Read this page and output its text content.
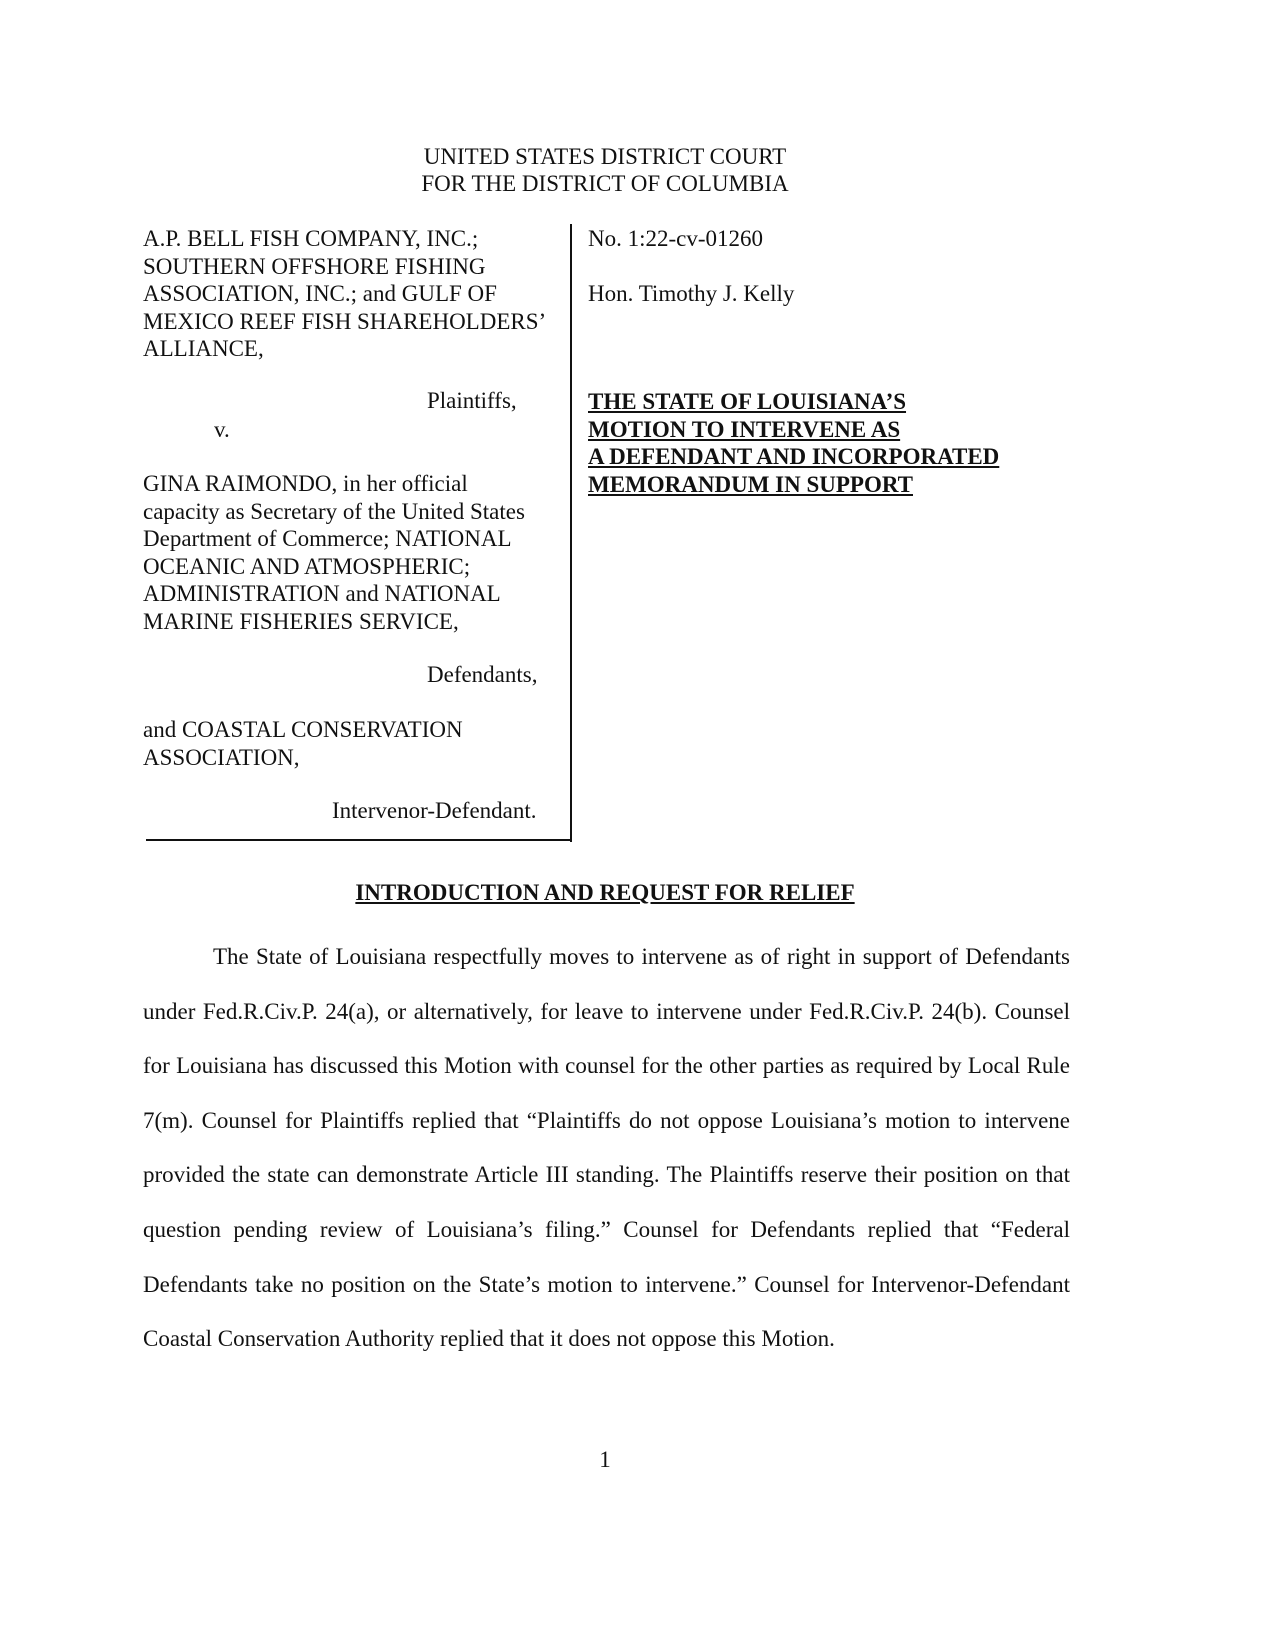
UNITED STATES DISTRICT COURT
FOR THE DISTRICT OF COLUMBIA
A.P. BELL FISH COMPANY, INC.;
SOUTHERN OFFSHORE FISHING
ASSOCIATION, INC.; and GULF OF
MEXICO REEF FISH SHAREHOLDERS’
ALLIANCE,
Plaintiffs,
v.
GINA RAIMONDO, in her official
capacity as Secretary of the United States
Department of Commerce; NATIONAL
OCEANIC AND ATMOSPHERIC;
ADMINISTRATION and NATIONAL
MARINE FISHERIES SERVICE,
Defendants,
and COASTAL CONSERVATION
ASSOCIATION,
Intervenor-Defendant.
No. 1:22-cv-01260
Hon. Timothy J. Kelly
THE STATE OF LOUISIANA’S
MOTION TO INTERVENE AS
A DEFENDANT AND INCORPORATED
MEMORANDUM IN SUPPORT
INTRODUCTION AND REQUEST FOR RELIEF
The State of Louisiana respectfully moves to intervene as of right in support of Defendants under Fed.R.Civ.P. 24(a), or alternatively, for leave to intervene under Fed.R.Civ.P. 24(b). Counsel for Louisiana has discussed this Motion with counsel for the other parties as required by Local Rule 7(m). Counsel for Plaintiffs replied that “Plaintiffs do not oppose Louisiana’s motion to intervene provided the state can demonstrate Article III standing. The Plaintiffs reserve their position on that question pending review of Louisiana’s filing.” Counsel for Defendants replied that “Federal Defendants take no position on the State’s motion to intervene.” Counsel for Intervenor-Defendant Coastal Conservation Authority replied that it does not oppose this Motion.
1
